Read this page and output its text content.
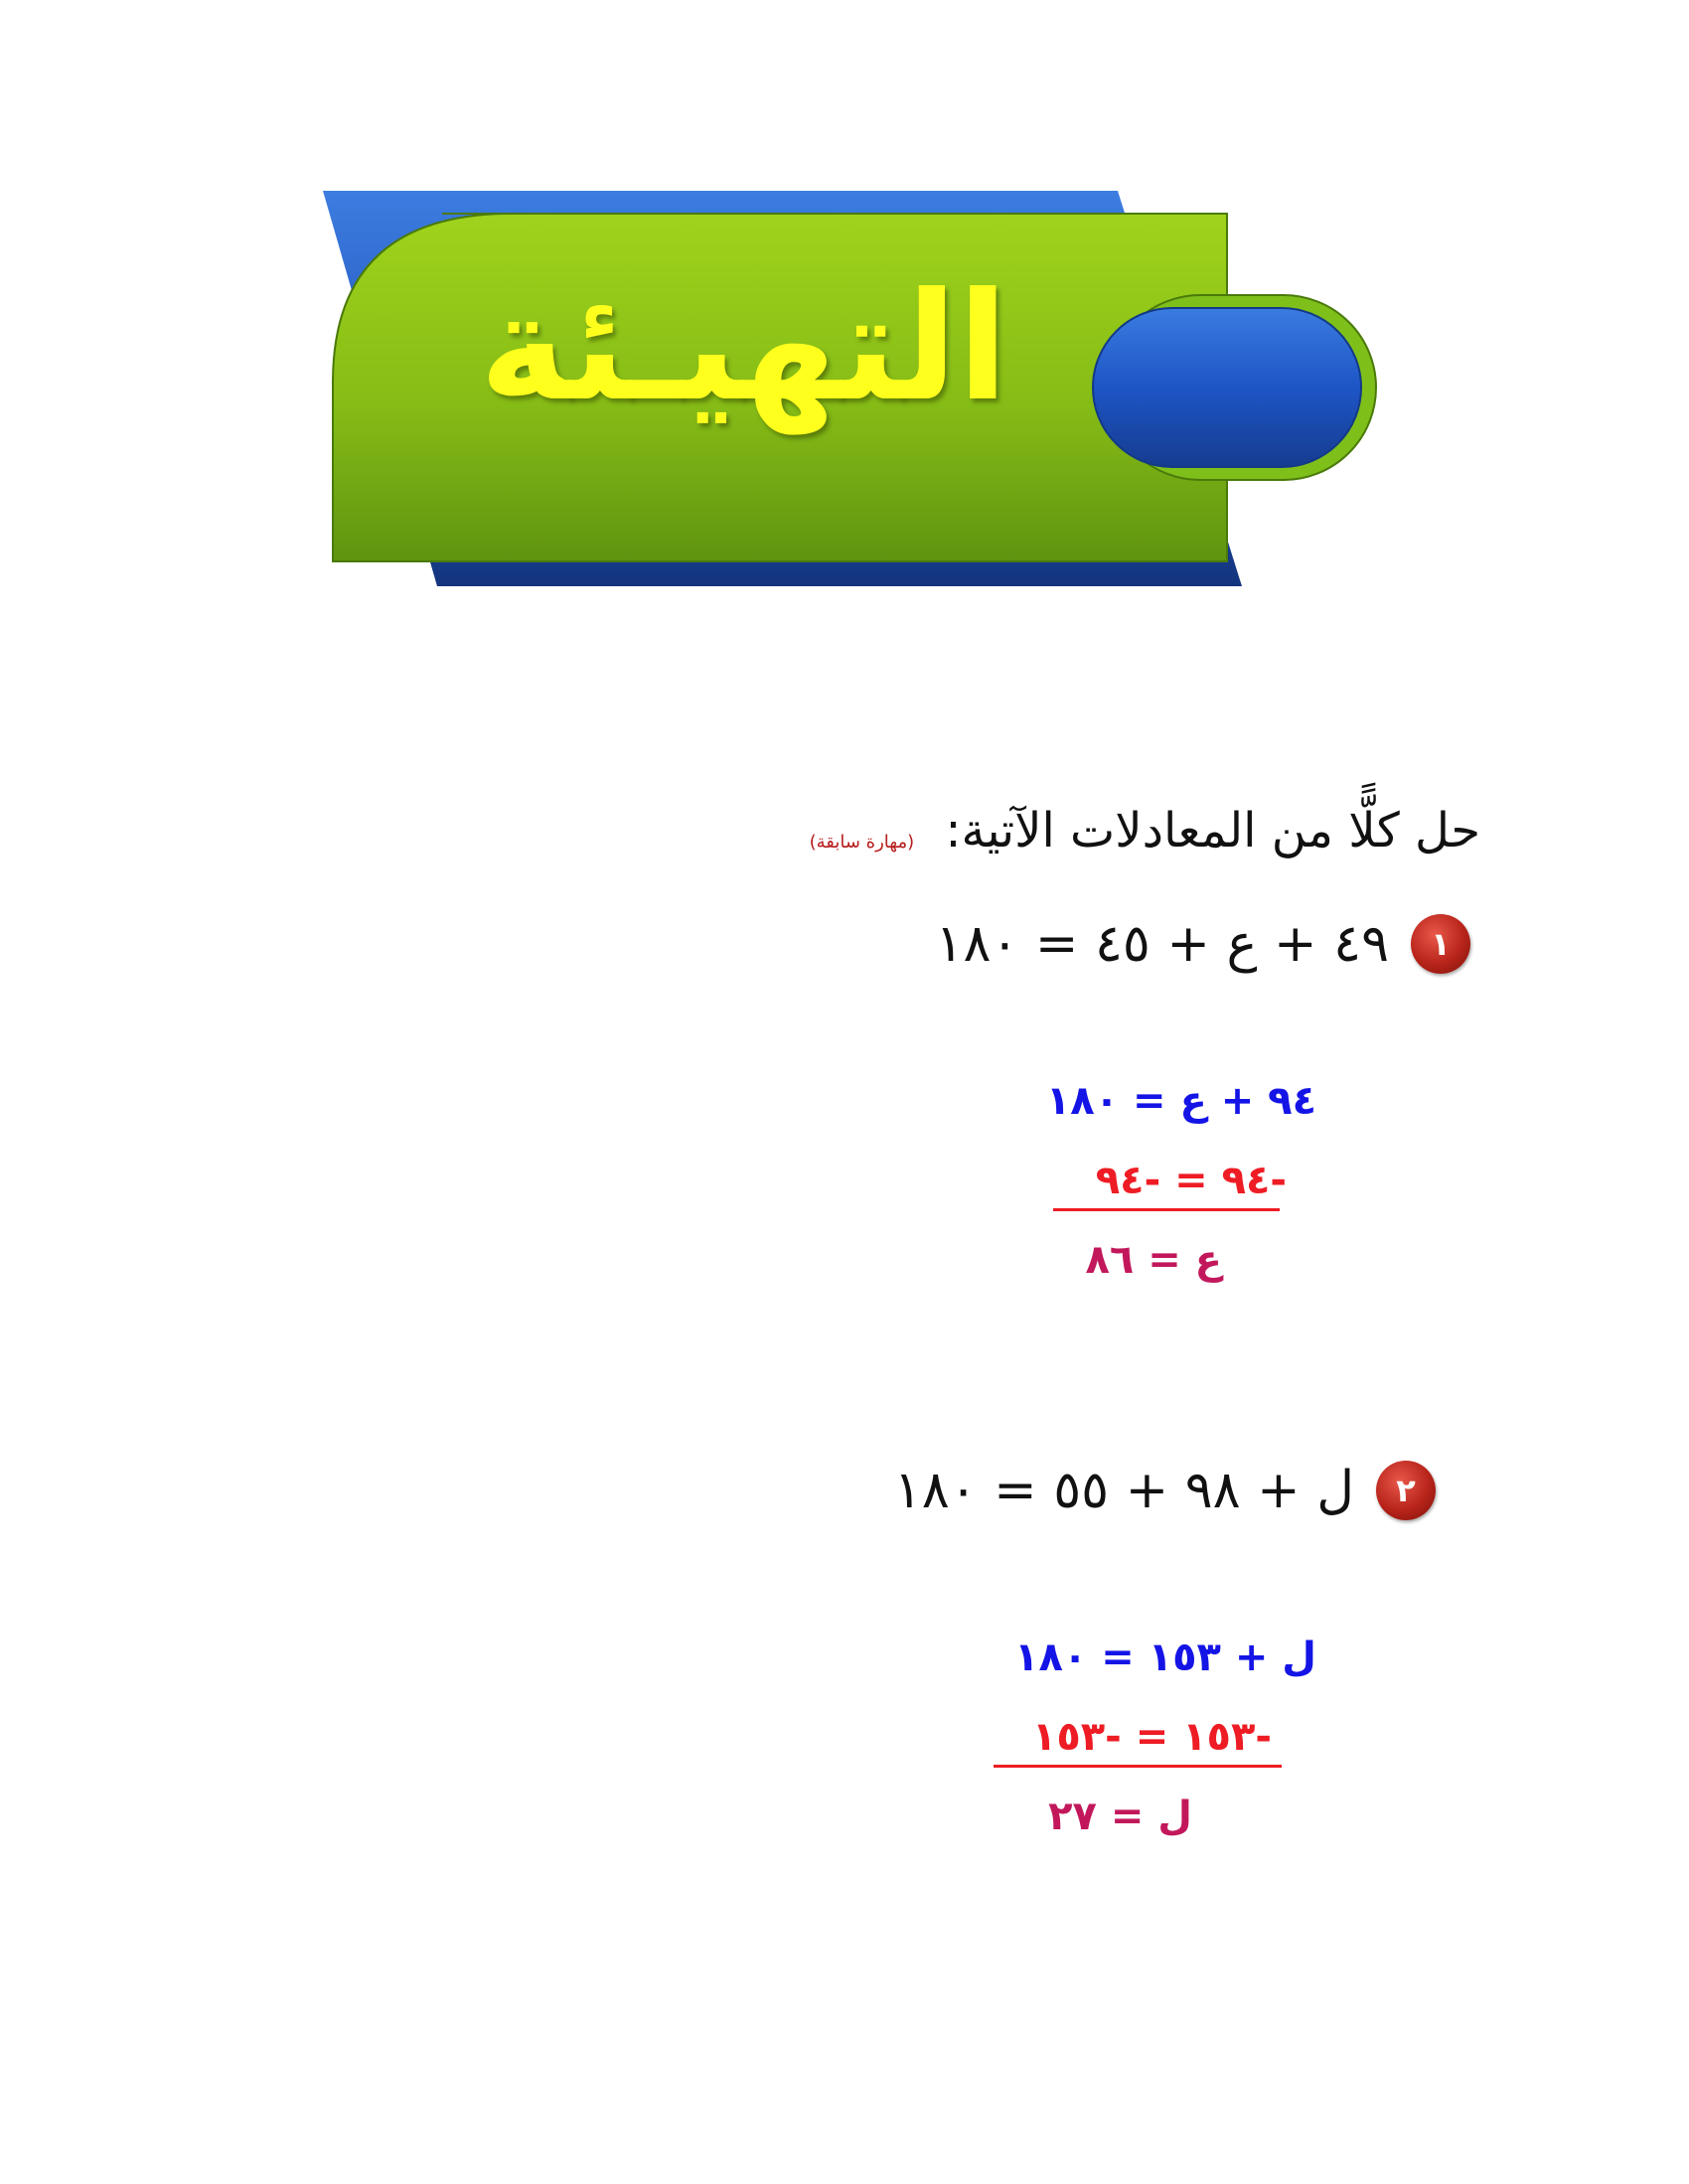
التهيـئة
حل كلًّا من المعادلات الآتية: (مهارة سابقة)
١
٤٩ + ع + ٤٥ = ١٨٠
٩٤ + ع = ١٨٠
-٩٤ = -٩٤
ع = ٨٦
٢
ل + ٩٨ + ٥٥ = ١٨٠
ل + ١٥٣ = ١٨٠
-١٥٣ = -١٥٣
ل = ٢٧
